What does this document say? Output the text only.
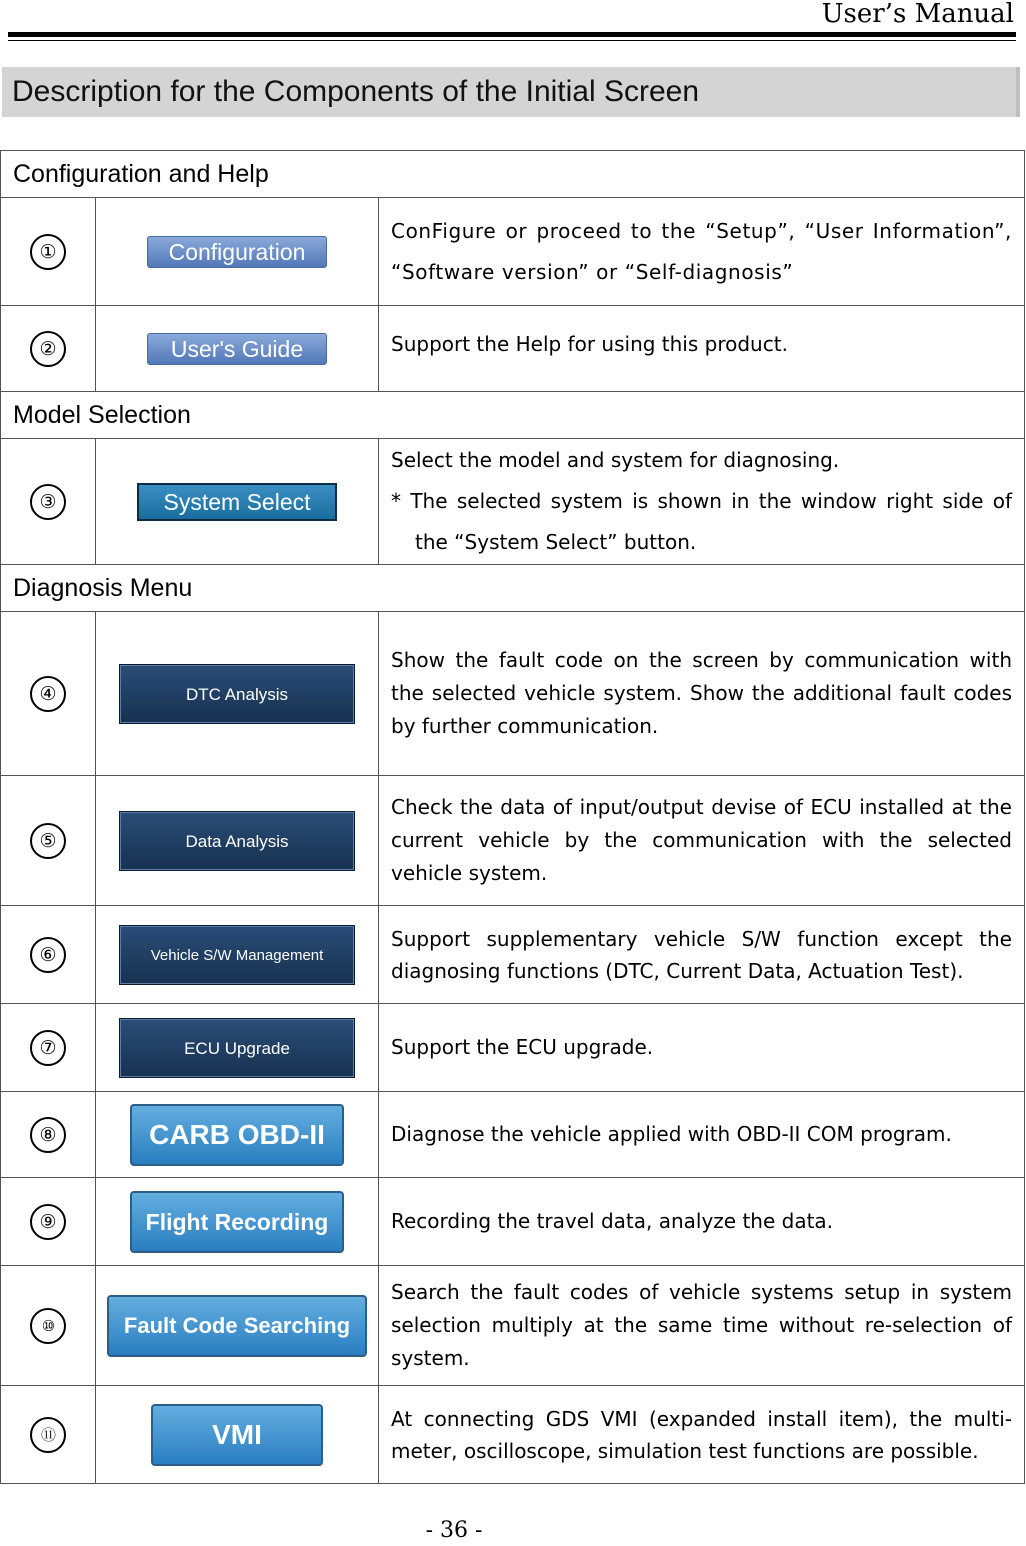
User’s Manual
Description for the Components of the Initial Screen
Configuration and Help		
①	Configuration	ConFigure or proceed to the “Setup”, “User Information”, “Software version” or “Self-diagnosis”
②	User's Guide	Support the Help for using this product.
Model Selection		
③	System Select	Select the model and system for diagnosing.
* The selected system is shown in the window right side of the “System Select” button.

Diagnosis Menu		
④	DTC Analysis	Show the fault code on the screen by communication with the selected vehicle system. Show the additional fault codes by further communication.
⑤	Data Analysis	Check the data of input/output devise of ECU installed at the current vehicle by the communication with the selected vehicle system.
⑥	Vehicle S/W Management	Support supplementary vehicle S/W function except the diagnosing functions (DTC, Current Data, Actuation Test).
⑦	ECU Upgrade	Support the ECU upgrade.
⑧	CARB OBD-II	Diagnose the vehicle applied with OBD-II COM program.
⑨	Flight Recording	Recording the travel data, analyze the data.
⑩	Fault Code Searching	Search the fault codes of vehicle systems setup in system selection multiply at the same time without re-selection of system.
⑪	VMI	At connecting GDS VMI (expanded install item), the multi-meter, oscilloscope, simulation test functions are possible.
- 36 -
